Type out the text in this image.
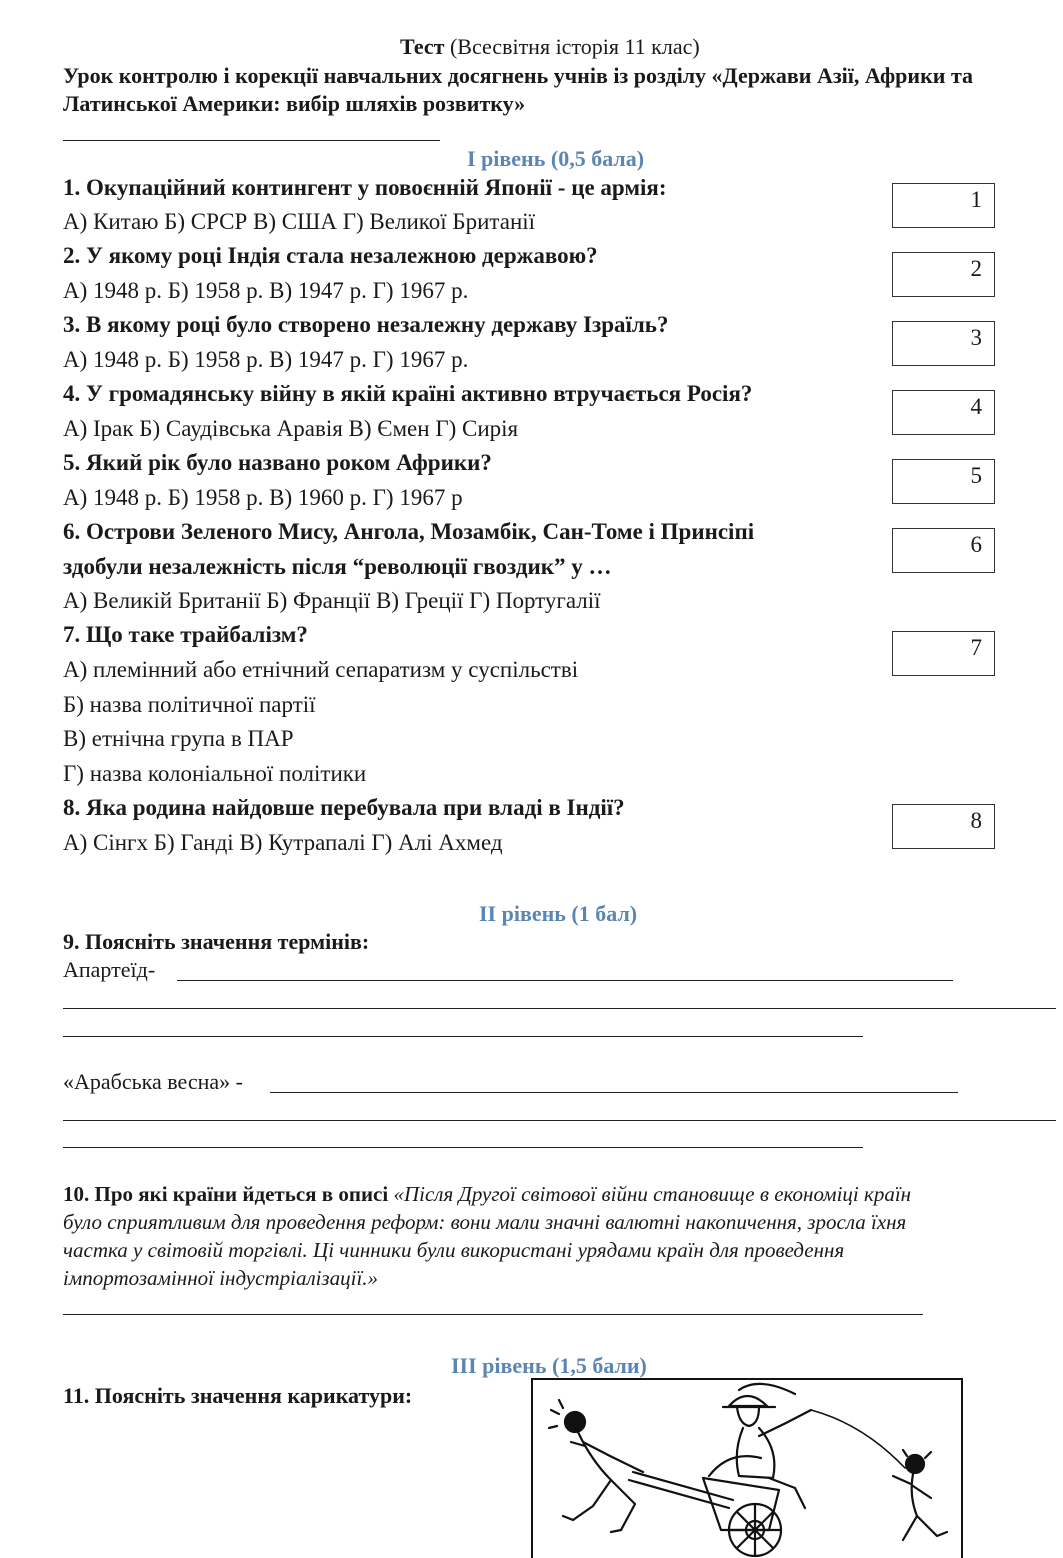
Тест (Всесвітня історія 11 клас)
Урок контролю і корекції навчальних досягнень учнів із розділу «Держави Азії, Африки та
Латинської Америки: вибір шляхів розвитку»
І рівень (0,5 бала)
1. Окупаційний контингент у повоєнній Японії - це армія:
А) Китаю Б) СРСР В) США Г) Великої Британії
1
2. У якому році Індія стала незалежною державою?
А) 1948 р. Б) 1958 р. В) 1947 р. Г) 1967 р.
2
3. В якому році було створено незалежну державу Ізраїль?
А) 1948 р. Б) 1958 р. В) 1947 р. Г) 1967 р.
3
4. У громадянську війну в якій країні активно втручається Росія?
А) Ірак Б) Саудівська Аравія В) Ємен Г) Сирія
4
5. Який рік було названо роком Африки?
А) 1948 р. Б) 1958 р. В) 1960 р. Г) 1967 р
5
6. Острови Зеленого Мису, Ангола, Мозамбік, Сан-Томе і Принсіпі
здобули незалежність після “революції гвоздик” у …
А) Великій Британії Б) Франції В) Греції Г) Португалії
6
7. Що таке трайбалізм?
А) племінний або етнічний сепаратизм у суспільстві
Б) назва політичної партії
В) етнічна група в ПАР
Г) назва колоніальної політики
7
8. Яка родина найдовше перебувала при владі в Індії?
А) Сінгх Б) Ганді В) Кутрапалі Г) Алі Ахмед
8
ІІ рівень (1 бал)
9. Поясніть значення термінів:
Апартеїд-
«Арабська весна» -
10. Про які країни йдеться в описі «Після Другої світової війни становище в економіці країн
було сприятливим для проведення реформ: вони мали значні валютні накопичення, зросла їхня
частка у світовій торгівлі. Ці чинники були використані урядами країн для проведення
імпортозамінної індустріалізації.»
ІІІ рівень (1,5 бали)
11. Поясніть значення карикатури:
